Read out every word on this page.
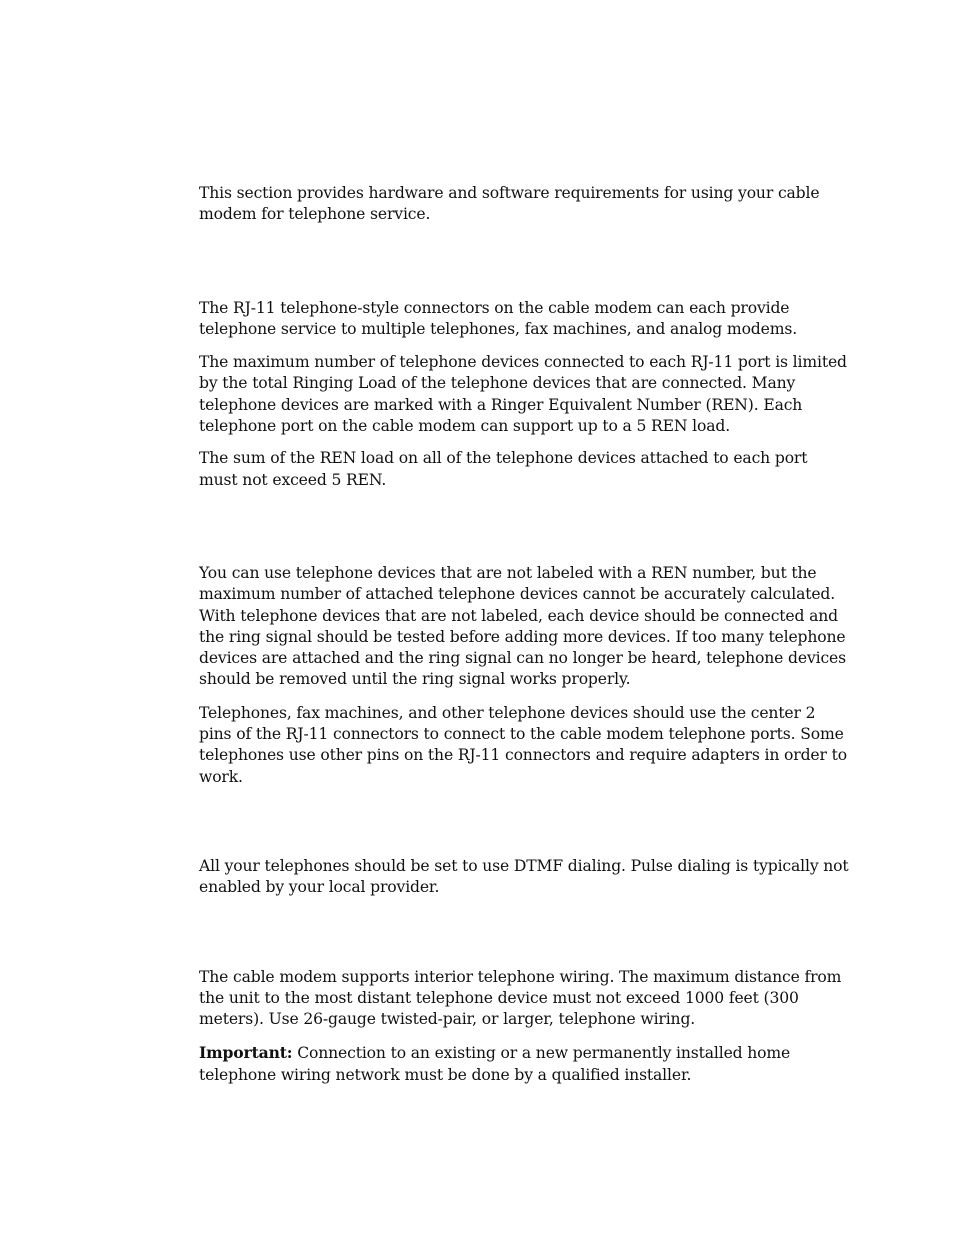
This section provides hardware and software requirements for using your cable modem for telephone service.

The RJ-11 telephone-style connectors on the cable modem can each provide telephone service to multiple telephones, fax machines, and analog modems.

The maximum number of telephone devices connected to each RJ-11 port is limited by the total Ringing Load of the telephone devices that are connected. Many telephone devices are marked with a Ringer Equivalent Number (REN). Each telephone port on the cable modem can support up to a 5 REN load.

The sum of the REN load on all of the telephone devices attached to each port must not exceed 5 REN.

You can use telephone devices that are not labeled with a REN number, but the maximum number of attached telephone devices cannot be accurately calculated. With telephone devices that are not labeled, each device should be connected and the ring signal should be tested before adding more devices. If too many telephone devices are attached and the ring signal can no longer be heard, telephone devices should be removed until the ring signal works properly.

Telephones, fax machines, and other telephone devices should use the center 2 pins of the RJ-11 connectors to connect to the cable modem telephone ports. Some telephones use other pins on the RJ-11 connectors and require adapters in order to work.

All your telephones should be set to use DTMF dialing. Pulse dialing is typically not enabled by your local provider.

The cable modem supports interior telephone wiring. The maximum distance from the unit to the most distant telephone device must not exceed 1000 feet (300 meters). Use 26-gauge twisted-pair, or larger, telephone wiring.

Important: Connection to an existing or a new permanently installed home telephone wiring network must be done by a qualified installer.
